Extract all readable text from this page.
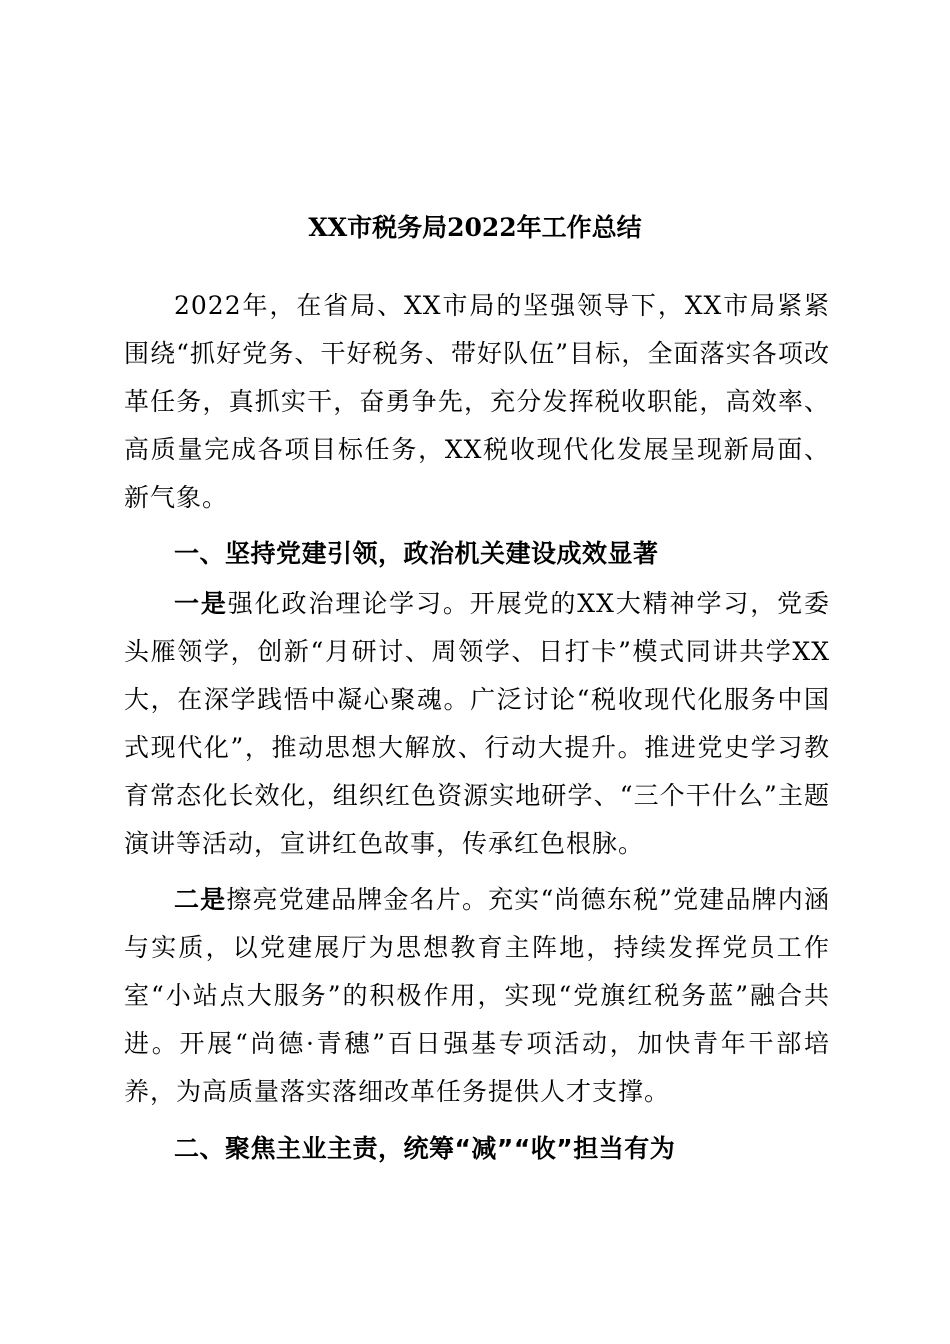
XX市税务局2022年工作总结

2022年，在省局、XX市局的坚强领导下，XX市局紧紧围绕“抓好党务、干好税务、带好队伍”目标，全面落实各项改革任务，真抓实干，奋勇争先，充分发挥税收职能，高效率、高质量完成各项目标任务，XX税收现代化发展呈现新局面、新气象。

一、坚持党建引领，政治机关建设成效显著

一是强化政治理论学习。开展党的XX大精神学习，党委头雁领学，创新“月研讨、周领学、日打卡”模式同讲共学XX大，在深学践悟中凝心聚魂。广泛讨论“税收现代化服务中国式现代化”，推动思想大解放、行动大提升。推进党史学习教育常态化长效化，组织红色资源实地研学、“三个干什么”主题演讲等活动，宣讲红色故事，传承红色根脉。

二是擦亮党建品牌金名片。充实“尚德东税”党建品牌内涵与实质，以党建展厅为思想教育主阵地，持续发挥党员工作室“小站点大服务”的积极作用，实现“党旗红税务蓝”融合共进。开展“尚德·青穗”百日强基专项活动，加快青年干部培养，为高质量落实落细改革任务提供人才支撑。

二、聚焦主业主责，统筹“减”“收”担当有为
